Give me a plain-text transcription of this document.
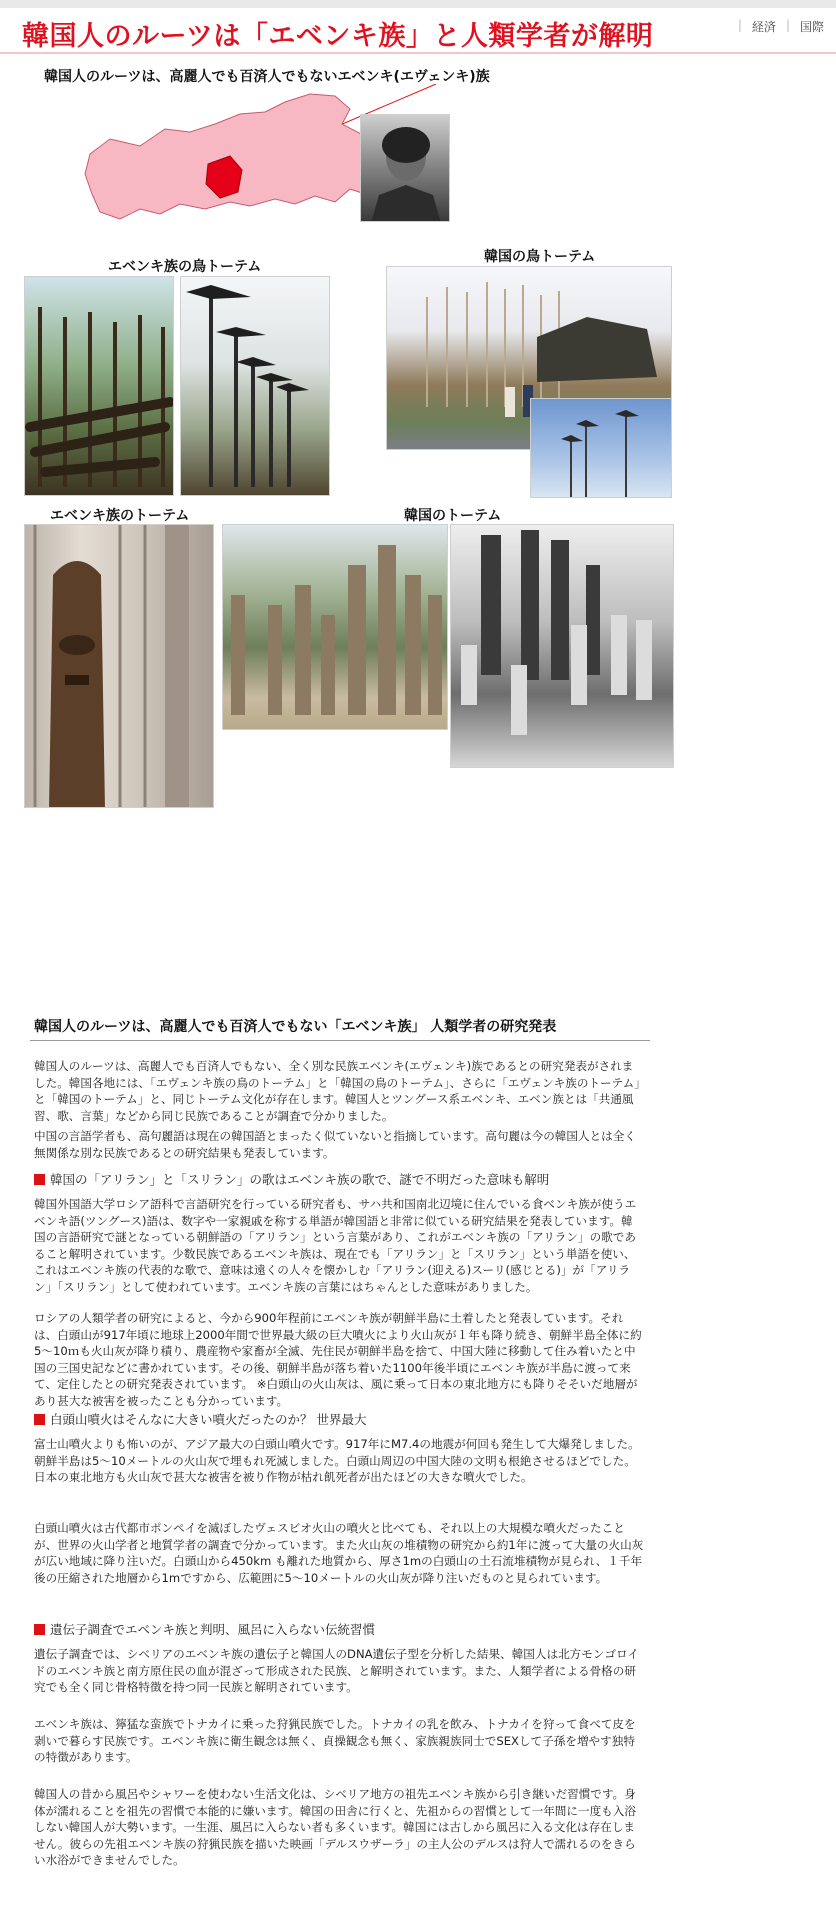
韓国人のルーツは「エベンキ族」と人類学者が解明	| 経済 | 国際
韓国人のルーツは、高麗人でも百済人でもないエベンキ(エヴェンキ)族
エベンキ族の鳥トーテム
韓国の鳥トーテム
エベンキ族のトーテム	韓国のトーテム
韓国人のルーツは、高麗人でも百済人でもない「エベンキ族」 人類学者の研究発表
韓国人のルーツは、高麗人でも百済人でもない、全く別な民族エベンキ(エヴェンキ)族であるとの研究発表がされました。韓国各地には、「エヴェンキ族の鳥のトーテム」と「韓国の鳥のトーテム」、さらに「エヴェンキ族のトーテム」と「韓国のトーテム」と、同じトーテム文化が存在します。韓国人とツングース系エベンキ、エベン族とは「共通風習、歌、言葉」などから同じ民族であることが調査で分かりました。
中国の言語学者も、高句麗語は現在の韓国語とまったく似ていないと指摘しています。高句麗は今の韓国人とは全く無関係な別な民族であるとの研究結果も発表しています。
韓国の「アリラン」と「スリラン」の歌はエベンキ族の歌で、謎で不明だった意味も解明
韓国外国語大学ロシア語科で言語研究を行っている研究者も、サハ共和国南北辺境に住んでいる食べンキ族が使うエベンキ語(ツングース)語は、数字や一家親戚を称する単語が韓国語と非常に似ている研究結果を発表しています。韓国の言語研究で謎となっている朝鮮語の「アリラン」という言葉があり、これがエベンキ族の「アリラン」の歌であること解明されています。少数民族であるエベンキ族は、現在でも「アリラン」と「スリラン」という単語を使い、これはエベンキ族の代表的な歌で、意味は遠くの人々を懐かしむ「アリラン(迎える)スーリ(感じとる)」が「アリラン」「スリラン」として使われています。エベンキ族の言葉にはちゃんとした意味がありました。
ロシアの人類学者の研究によると、今から900年程前にエベンキ族が朝鮮半島に土着したと発表しています。それは、白頭山が917年頃に地球上2000年間で世界最大級の巨大噴火により火山灰が１年も降り続き、朝鮮半島全体に約5～10ｍも火山灰が降り積り、農産物や家畜が全滅、先住民が朝鮮半島を捨て、中国大陸に移動して住み着いたと中国の三国史記などに書かれています。その後、朝鮮半島が落ち着いた1100年後半頃にエベンキ族が半島に渡って来て、定住したとの研究発表されています。 ※白頭山の火山灰は、風に乗って日本の東北地方にも降りそそいだ地層があり甚大な被害を被ったことも分かっています。
白頭山噴火はそんなに大きい噴火だったのか？ 世界最大
富士山噴火よりも怖いのが、アジア最大の白頭山噴火です。917年にM7.4の地震が何回も発生して大爆発しました。朝鮮半島は5～10メートルの火山灰で埋もれ死滅しました。白頭山周辺の中国大陸の文明も根絶させるほどでした。日本の東北地方も火山灰で甚大な被害を被り作物が枯れ飢死者が出たほどの大きな噴火でした。
白頭山噴火は古代都市ポンペイを滅ぼしたヴェスビオ火山の噴火と比べても、それ以上の大規模な噴火だったことが、世界の火山学者と地質学者の調査で分かっています。また火山灰の堆積物の研究から約1年に渡って大量の火山灰が広い地域に降り注いだ。白頭山から450km も離れた地質から、厚さ1mの白頭山の土石流堆積物が見られ、１千年後の圧縮された地層から1mですから、広範囲に5～10メートルの火山灰が降り注いだものと見られています。
遺伝子調査でエベンキ族と判明、風呂に入らない伝統習慣
遺伝子調査では、シベリアのエベンキ族の遺伝子と韓国人のDNA遺伝子型を分析した結果、韓国人は北方モンゴロイドのエベンキ族と南方原住民の血が混ざって形成された民族、と解明されています。また、人類学者による骨格の研究でも全く同じ骨格特徴を持つ同一民族と解明されています。
エベンキ族は、獰猛な蛮族でトナカイに乗った狩猟民族でした。トナカイの乳を飲み、トナカイを狩って食べて皮を剥いで暮らす民族です。エベンキ族に衛生観念は無く、貞操観念も無く、家族親族同士でSEXして子孫を増やす独特の特徴があります。
韓国人の昔から風呂やシャワーを使わない生活文化は、シベリア地方の祖先エベンキ族から引き継いだ習慣です。身体が濡れることを祖先の習慣で本能的に嫌います。韓国の田舎に行くと、先祖からの習慣として一年間に一度も入浴しない韓国人が大勢います。一生涯、風呂に入らない者も多くいます。韓国には古しから風呂に入る文化は存在しません。彼らの先祖エベンキ族の狩猟民族を描いた映画「デルスウザーラ」の主人公のデルスは狩人で濡れるのをきらい水浴ができませんでした。
